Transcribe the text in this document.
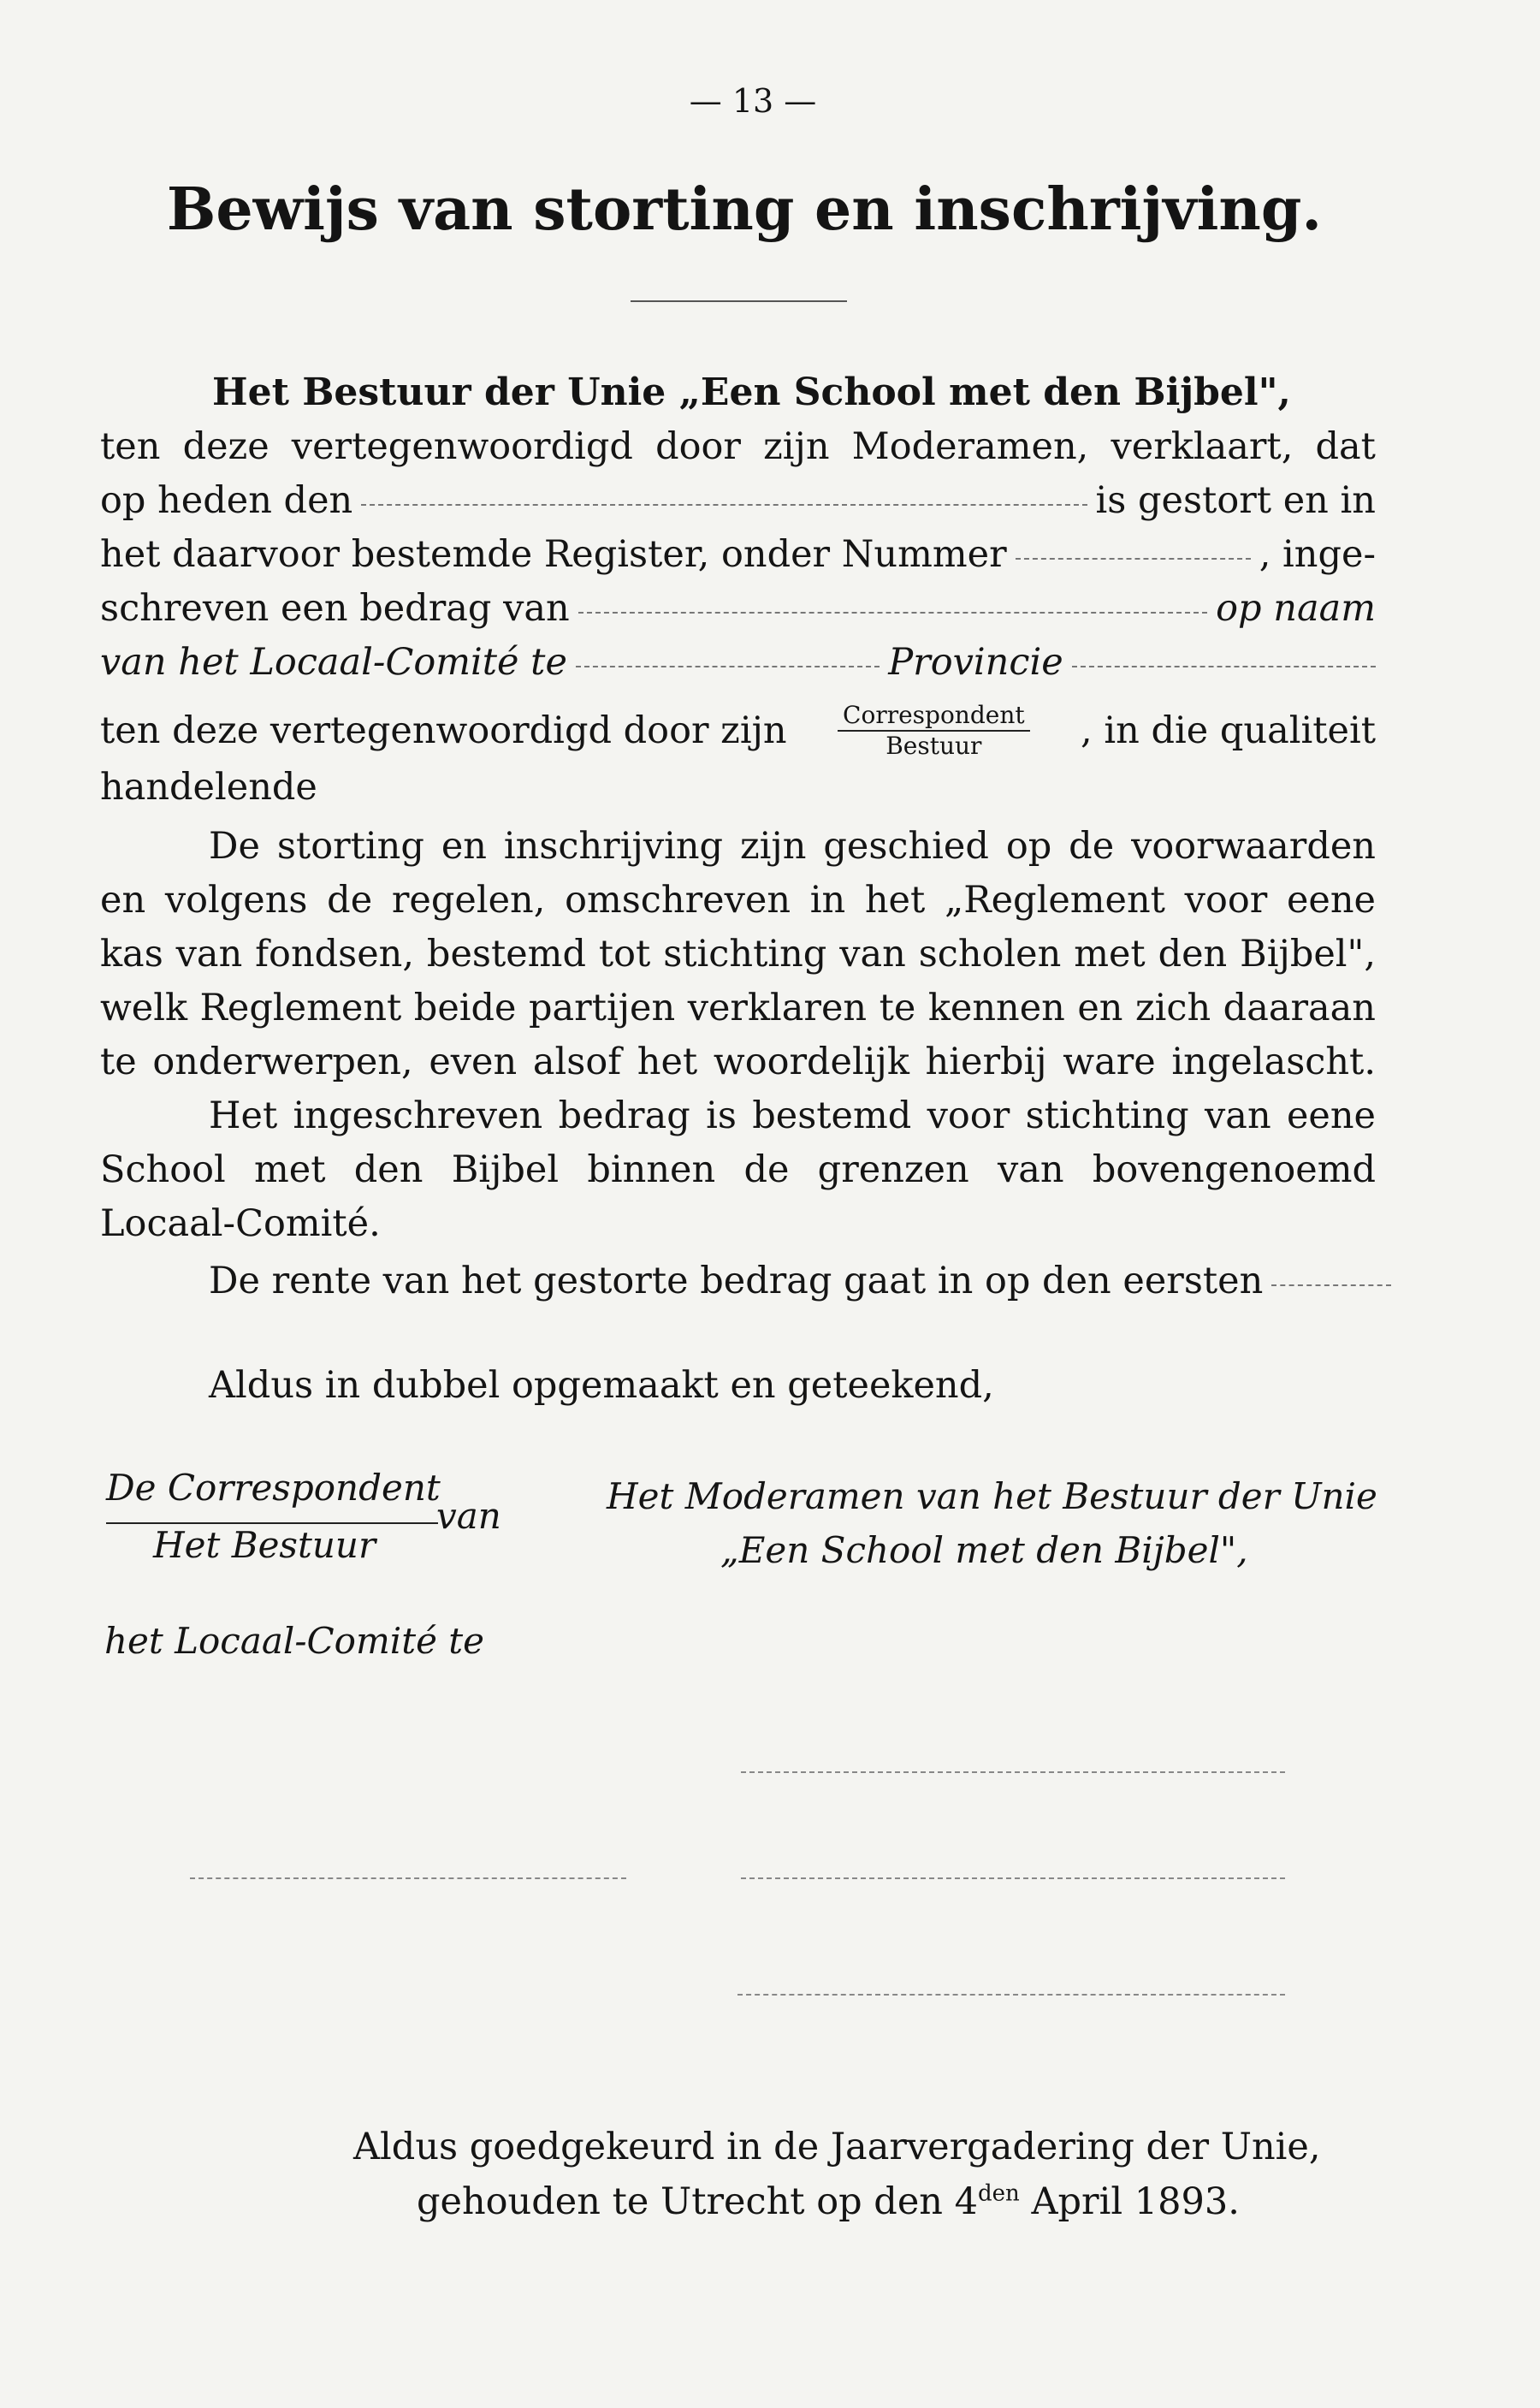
— 13 —
Bewijs van storting en inschrijving.
Het Bestuur der Unie „Een School met den Bijbel",
ten deze vertegenwoordigd door zijn Moderamen, verklaart, dat
op heden den	is gestort en in
het daarvoor bestemde Register, onder Nummer	, inge-
schreven een bedrag van	op naam
van het Locaal-Comité te	Provincie
ten deze vertegenwoordigd door zijn $\frac{\text{Correspondent}}{\text{Bestuur}}$ , in die qualiteit
handelende
De storting en inschrijving zijn geschied op de voorwaarden
en volgens de regelen, omschreven in het „Reglement voor eene
kas van fondsen, bestemd tot stichting van scholen met den Bijbel",
welk Reglement beide partijen verklaren te kennen en zich daaraan
te onderwerpen, even alsof het woordelijk hierbij ware ingelascht.
Het ingeschreven bedrag is bestemd voor stichting van eene
School met den Bijbel binnen de grenzen van bovengenoemd
Locaal-Comité.
De rente van het gestorte bedrag gaat in op den eersten
Aldus in dubbel opgemaakt en geteekend,
De Correspondent
van
Het Bestuur
het Locaal-Comité te
Het Moderamen van het Bestuur der Unie
„Een School met den Bijbel",
Aldus goedgekeurd in de Jaarvergadering der Unie,
gehouden te Utrecht op den $4^{den}$ April 1893.
